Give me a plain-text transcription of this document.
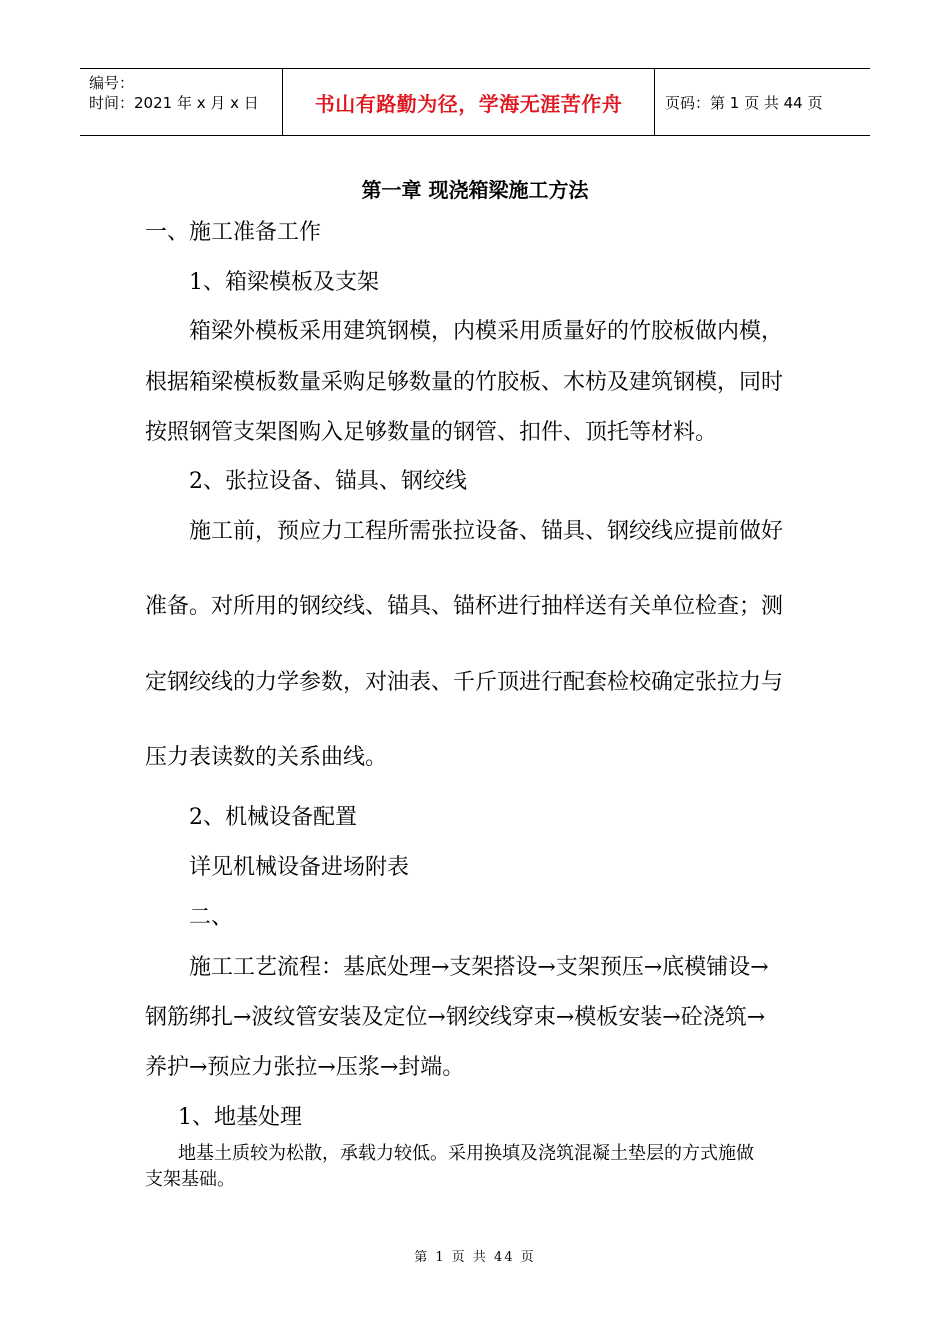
编号：
时间：2021 年 x 月 x 日	书山有路勤为径，学海无涯苦作舟	页码：第 1 页 共 44 页
第一章 现浇箱梁施工方法
一、施工准备工作
1、箱梁模板及支架
箱梁外模板采用建筑钢模，内模采用质量好的竹胶板做内模，
根据箱梁模板数量采购足够数量的竹胶板、木枋及建筑钢模，同时
按照钢管支架图购入足够数量的钢管、扣件、顶托等材料。
2、张拉设备、锚具、钢绞线
施工前，预应力工程所需张拉设备、锚具、钢绞线应提前做好
准备。对所用的钢绞线、锚具、锚杯进行抽样送有关单位检查；测
定钢绞线的力学参数，对油表、千斤顶进行配套检校确定张拉力与
压力表读数的关系曲线。
2、机械设备配置
详见机械设备进场附表
二、
施工工艺流程：基底处理→支架搭设→支架预压→底模铺设→
钢筋绑扎→波纹管安装及定位→钢绞线穿束→模板安装→砼浇筑→
养护→预应力张拉→压浆→封端。
1、地基处理
地基土质较为松散，承载力较低。采用换填及浇筑混凝土垫层的方式施做
支架基础。
第 1 页 共 44 页
